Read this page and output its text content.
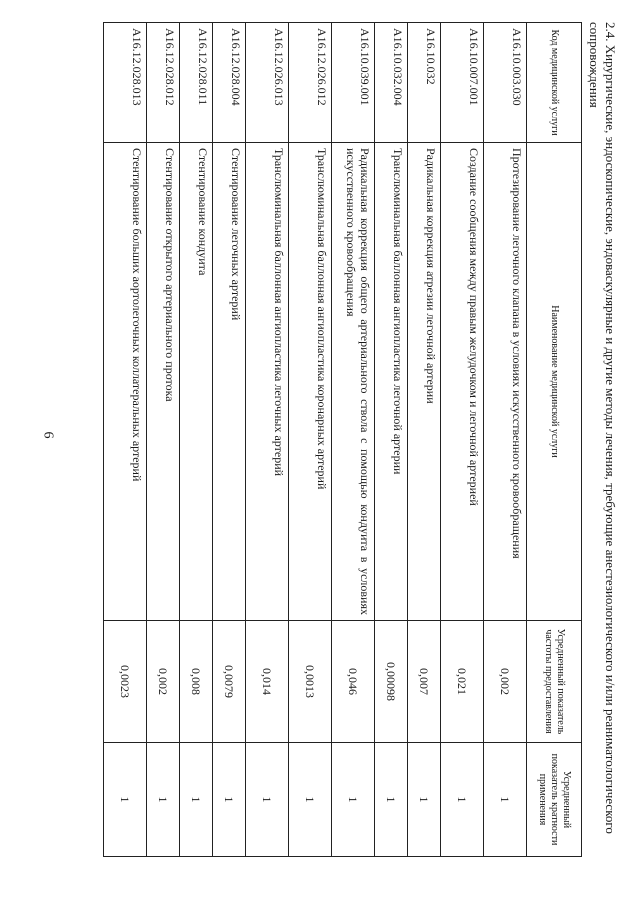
6	2.4. Хирургические, эндоскопические, эндоваскулярные и другие методы лечения, требующие анестезиологического и/или реаниматологического сопровождения
Код медицинской услуги	Наименование медицинской услуги	Усредненный показатель частоты предоставления	Усредненный показатель кратности применения
A16.10.003.030	Протезирование легочного клапана в условиях искусственного кровообращения	0,002	1
A16.10.007.001	Создание сообщения между правым желудочком и легочной артерией	0,021	1
A16.10.032	Радикальная коррекция атрезии легочной артерии	0,007	1
A16.10.032.004	Транслюминальная баллонная ангиопластика легочной артерии	0,00098	1
A16.10.039.001	Радикальная коррекция общего артериального ствола с помощью кондуита в условиях искусственного кровообращения	0,046	1
A16.12.026.012	Транслюминальная баллонная ангиопластика коронарных артерий	0,0013	1
A16.12.026.013	Транслюминальная баллонная ангиопластика легочных артерий	0,014	1
A16.12.028.004	Стентирование легочных артерий	0,0079	1
A16.12.028.011	Стентирование кондуита	0,008	1
A16.12.028.012	Стентирование открытого артериального протока	0,002	1
A16.12.028.013	Стентирование больших аортолегочных коллатеральных артерий	0,0023	1
